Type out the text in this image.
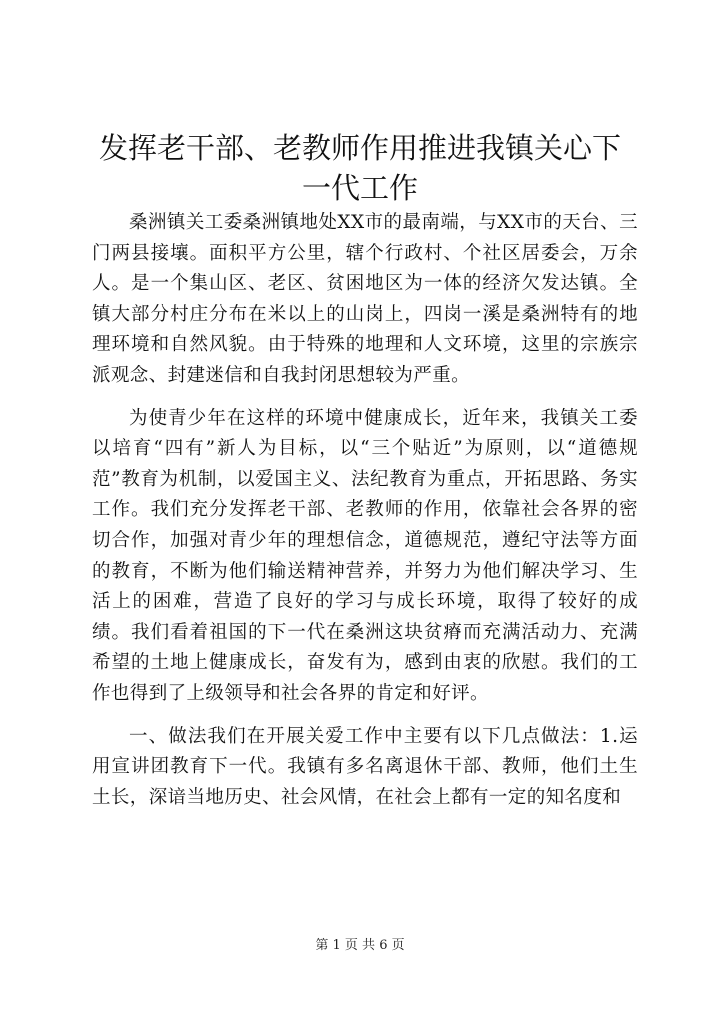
发挥老干部、老教师作用推进我镇关心下一代工作

桑洲镇关工委桑洲镇地处XX市的最南端，与XX市的天台、三门两县接壤。面积平方公里，辖个行政村、个社区居委会，万余人。是一个集山区、老区、贫困地区为一体的经济欠发达镇。全镇大部分村庄分布在米以上的山岗上，四岗一溪是桑洲特有的地理环境和自然风貌。由于特殊的地理和人文环境，这里的宗族宗派观念、封建迷信和自我封闭思想较为严重。

为使青少年在这样的环境中健康成长，近年来，我镇关工委以培育“四有”新人为目标，以“三个贴近”为原则，以“道德规范”教育为机制，以爱国主义、法纪教育为重点，开拓思路、务实工作。我们充分发挥老干部、老教师的作用，依靠社会各界的密切合作，加强对青少年的理想信念，道德规范，遵纪守法等方面的教育，不断为他们输送精神营养，并努力为他们解决学习、生活上的困难，营造了良好的学习与成长环境，取得了较好的成绩。我们看着祖国的下一代在桑洲这块贫瘠而充满活动力、充满希望的土地上健康成长，奋发有为，感到由衷的欣慰。我们的工作也得到了上级领导和社会各界的肯定和好评。

一、做法我们在开展关爱工作中主要有以下几点做法：1.运用宣讲团教育下一代。我镇有多名离退休干部、教师，他们土生土长，深谙当地历史、社会风情，在社会上都有一定的知名度和

第 1 页 共 6 页
